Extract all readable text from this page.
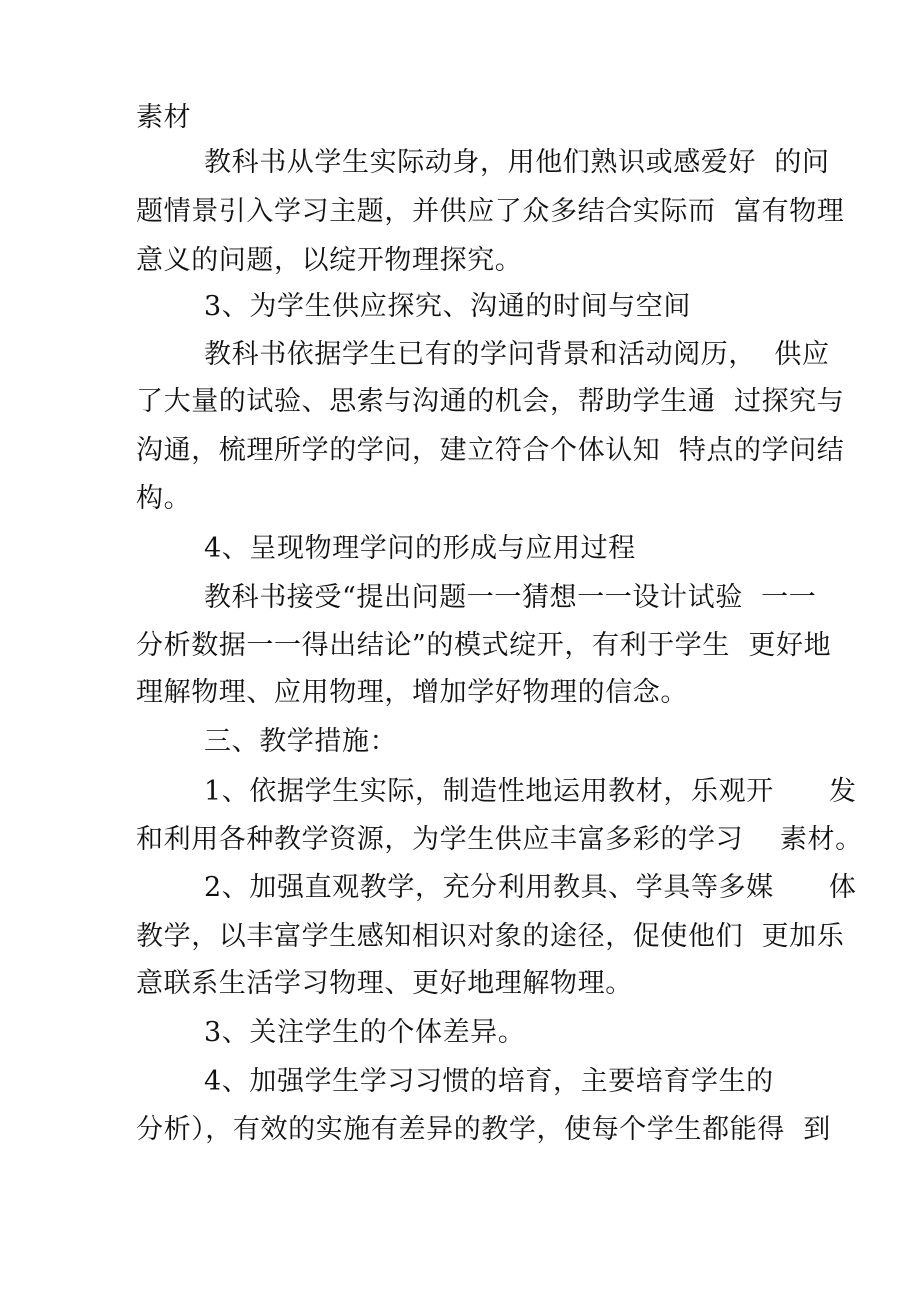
素材
教科书从学生实际动身，用他们熟识或感爱好  的问
题情景引入学习主题，并供应了众多结合实际而  富有物理
意义的问题，以绽开物理探究。
3、为学生供应探究、沟通的时间与空间
教科书依据学生已有的学问背景和活动阅历，  供应
了大量的试验、思索与沟通的机会，帮助学生通  过探究与
沟通，梳理所学的学问，建立符合个体认知  特点的学问结
构。
4、呈现物理学问的形成与应用过程
教科书接受“提出问题一一猜想一一设计试验  一一
分析数据一一得出结论”的模式绽开，有利于学生  更好地
理解物理、应用物理，增加学好物理的信念。
三、教学措施：
1、依据学生实际，制造性地运用教材，乐观开      发
和利用各种教学资源，为学生供应丰富多彩的学习    素材。
2、加强直观教学，充分利用教具、学具等多媒      体
教学，以丰富学生感知相识对象的途径，促使他们  更加乐
意联系生活学习物理、更好地理解物理。
3、关注学生的个体差异。
4、加强学生学习习惯的培育，主要培育学生的
分析），有效的实施有差异的教学，使每个学生都能得  到
